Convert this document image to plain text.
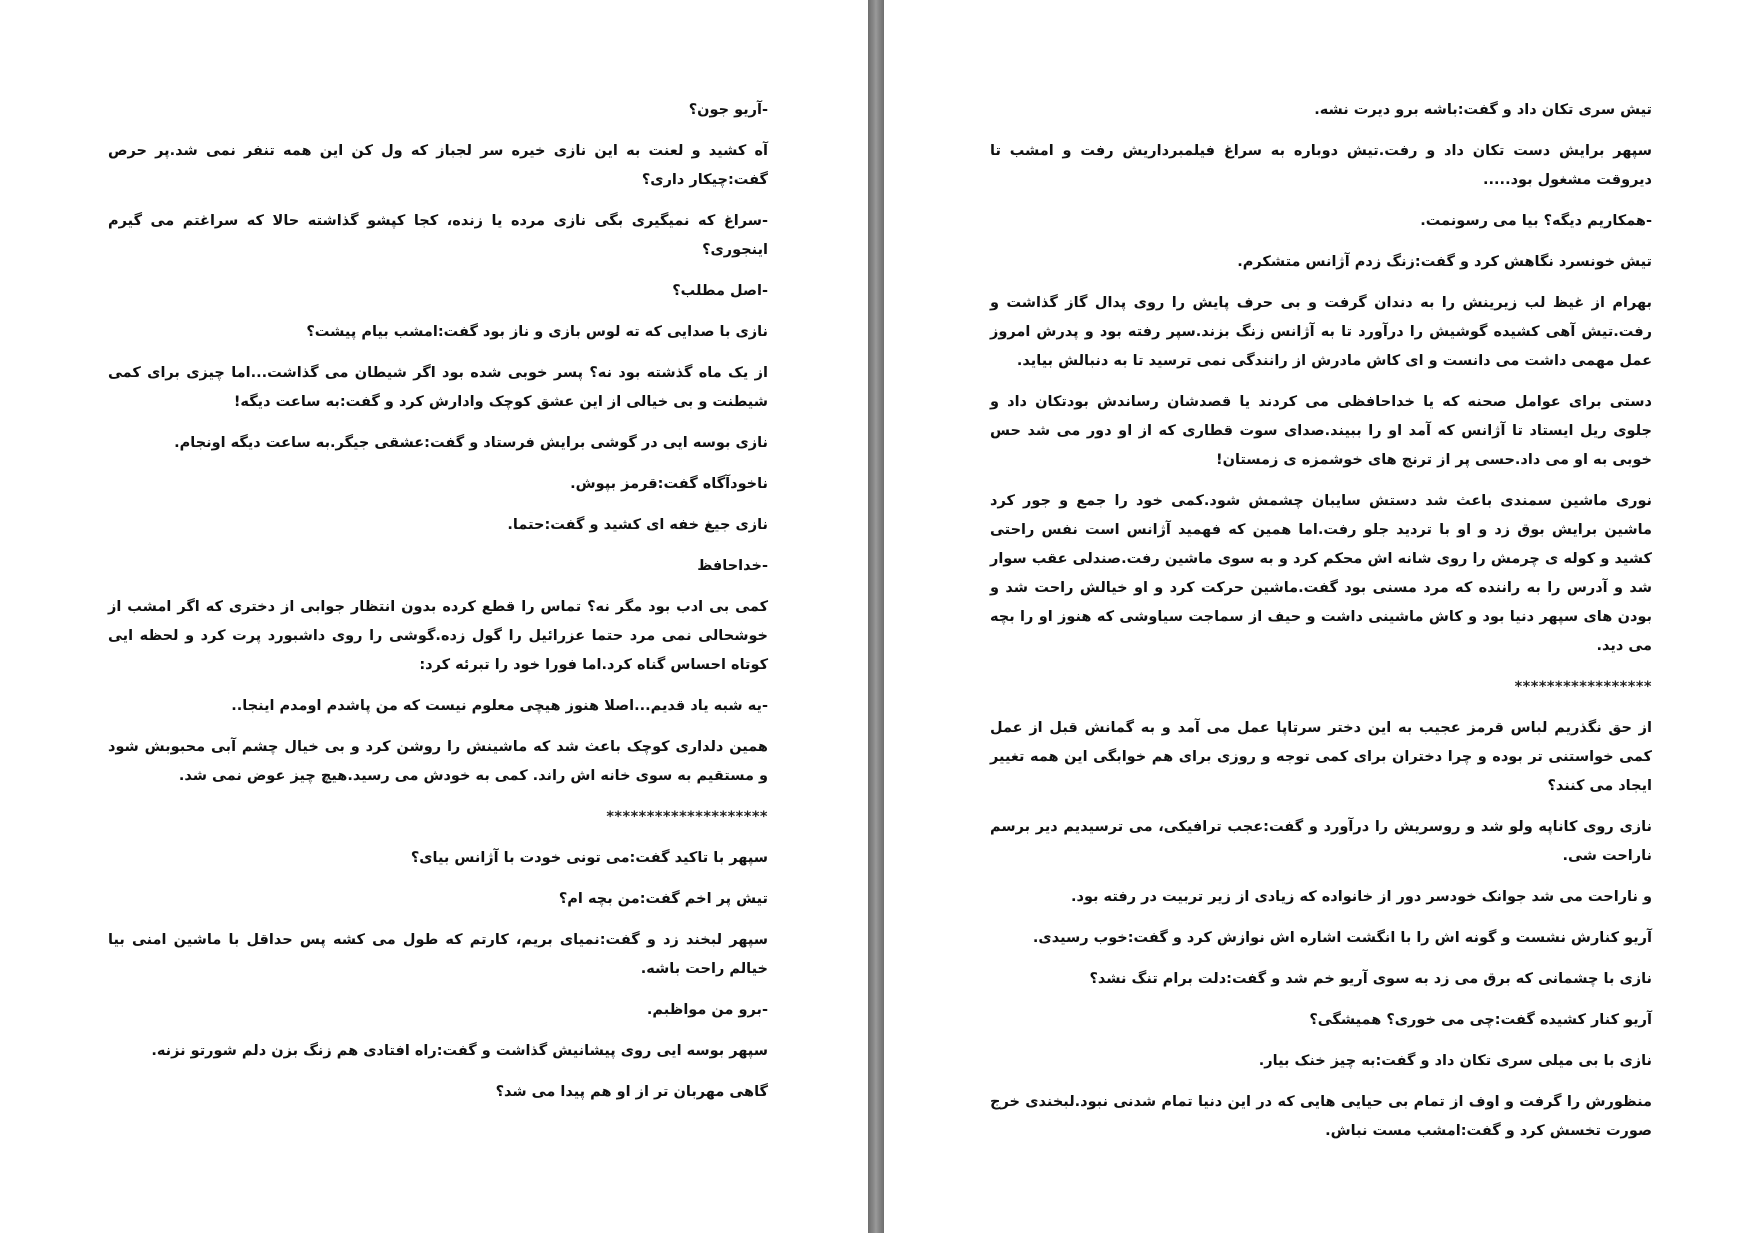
-آریو جون؟

آه کشید و لعنت به این نازی خیره سر لجباز که ول کن این همه تنفر نمی شد.پر حرص گفت:چیکار داری؟

-سراغ که نمیگیری بگی نازی مرده یا زنده، کجا کپشو گذاشته حالا که سراغتم می گیرم اینجوری؟

-اصل مطلب؟

نازی با صدایی که ته لوس بازی و ناز بود گفت:امشب بیام پیشت؟

از یک ماه گذشته بود نه؟ پسر خوبی شده بود اگر شیطان می گذاشت...اما چیزی برای کمی شیطنت و بی خیالی از این عشق کوچک وادارش کرد و گفت:به ساعت دیگه!

نازی بوسه ایی در گوشی برایش فرستاد و گفت:عشقی جیگر.به ساعت دیگه اونجام.

ناخودآگاه گفت:قرمز بپوش.

نازی جیغ خفه ای کشید و گفت:حتما.

-خداحافظ

کمی بی ادب بود مگر نه؟ تماس را قطع کرده بدون انتظار جوابی از دختری که اگر امشب از خوشحالی نمی مرد حتما عزرائیل را گول زده.گوشی را روی داشبورد پرت کرد و لحظه ایی کوتاه احساس گناه کرد.اما فورا خود را تبرئه کرد:

-یه شبه یاد قدیم...اصلا هنوز هیچی معلوم نیست که من پاشدم اومدم اینجا..

همین دلداری کوچک باعث شد که ماشینش را روشن کرد و بی خیال چشم آبی محبوبش شود و مستقیم به سوی خانه اش راند. کمی به خودش می رسید.هیچ چیز عوض نمی شد.

********************

سپهر با تاکید گفت:می تونی خودت با آژانس بیای؟

تیش پر اخم گفت:من بچه ام؟

سپهر لبخند زد و گفت:نمیای بریم، کارتم که طول می کشه پس حداقل با ماشین امنی بیا خیالم راحت باشه.

-برو من مواظبم.

سپهر بوسه ایی روی پیشانیش گذاشت و گفت:راه افتادی هم زنگ بزن دلم شورتو نزنه.

گاهی مهربان تر از او هم پیدا می شد؟

تیش سری تکان داد و گفت:باشه برو دیرت نشه.

سپهر برایش دست تکان داد و رفت.تیش دوباره به سراغ فیلمبرداریش رفت و امشب تا دیروقت مشغول بود.....

-همکاریم دیگه؟ بیا می رسونمت.

تیش خونسرد نگاهش کرد و گفت:زنگ زدم آژانس متشکرم.

بهرام از غیظ لب زیرینش را به دندان گرفت و بی حرف پایش را روی پدال گاز گذاشت و رفت.تیش آهی کشیده گوشیش را درآورد تا به آژانس زنگ بزند.سپر رفته بود و پدرش امروز عمل مهمی داشت می دانست و ای کاش مادرش از رانندگی نمی ترسید تا به دنبالش بیاید.

دستی برای عوامل صحنه که یا خداحافظی می کردند یا قصدشان رساندش بودتکان داد و جلوی ریل ایستاد تا آژانس که آمد او را ببیند.صدای سوت قطاری که از او دور می شد حس خوبی به او می داد.حسی پر از ترنج های خوشمزه ی زمستان!

نوری ماشین سمندی باعث شد دستش سایبان چشمش شود.کمی خود را جمع و جور کرد ماشین برایش بوق زد و او با تردید جلو رفت.اما همین که فهمید آژانس است نفس راحتی کشید و کوله ی چرمش را روی شانه اش محکم کرد و به سوی ماشین رفت.صندلی عقب سوار شد و آدرس را به راننده که مرد مسنی بود گفت.ماشین حرکت کرد و او خیالش راحت شد و بودن های سپهر دنیا بود و کاش ماشینی داشت و حیف از سماجت سیاوشی که هنوز او را بچه می دید.

*****************

از حق نگذریم لباس قرمز عجیب به این دختر سرتاپا عمل می آمد و به گمانش قبل از عمل کمی خواستنی تر بوده و چرا دختران برای کمی توجه و روزی برای هم خوابگی این همه تغییر ایجاد می کنند؟

نازی روی کاناپه ولو شد و روسریش را درآورد و گفت:عجب ترافیکی، می ترسیدیم دیر برسم ناراحت شی.

و ناراحت می شد جوانک خودسر دور از خانواده که زیادی از زیر تربیت در رفته بود.

آریو کنارش نشست و گونه اش را با انگشت اشاره اش نوازش کرد و گفت:خوب رسیدی.

نازی با چشمانی که برق می زد به سوی آریو خم شد و گفت:دلت برام تنگ نشد؟

آریو کنار کشیده گفت:چی می خوری؟ همیشگی؟

نازی با بی میلی سری تکان داد و گفت:به چیز خنک بیار.

منظورش را گرفت و اوف از تمام بی حیایی هایی که در این دنیا تمام شدنی نبود.لبخندی خرج صورت تخسش کرد و گفت:امشب مست نباش.
